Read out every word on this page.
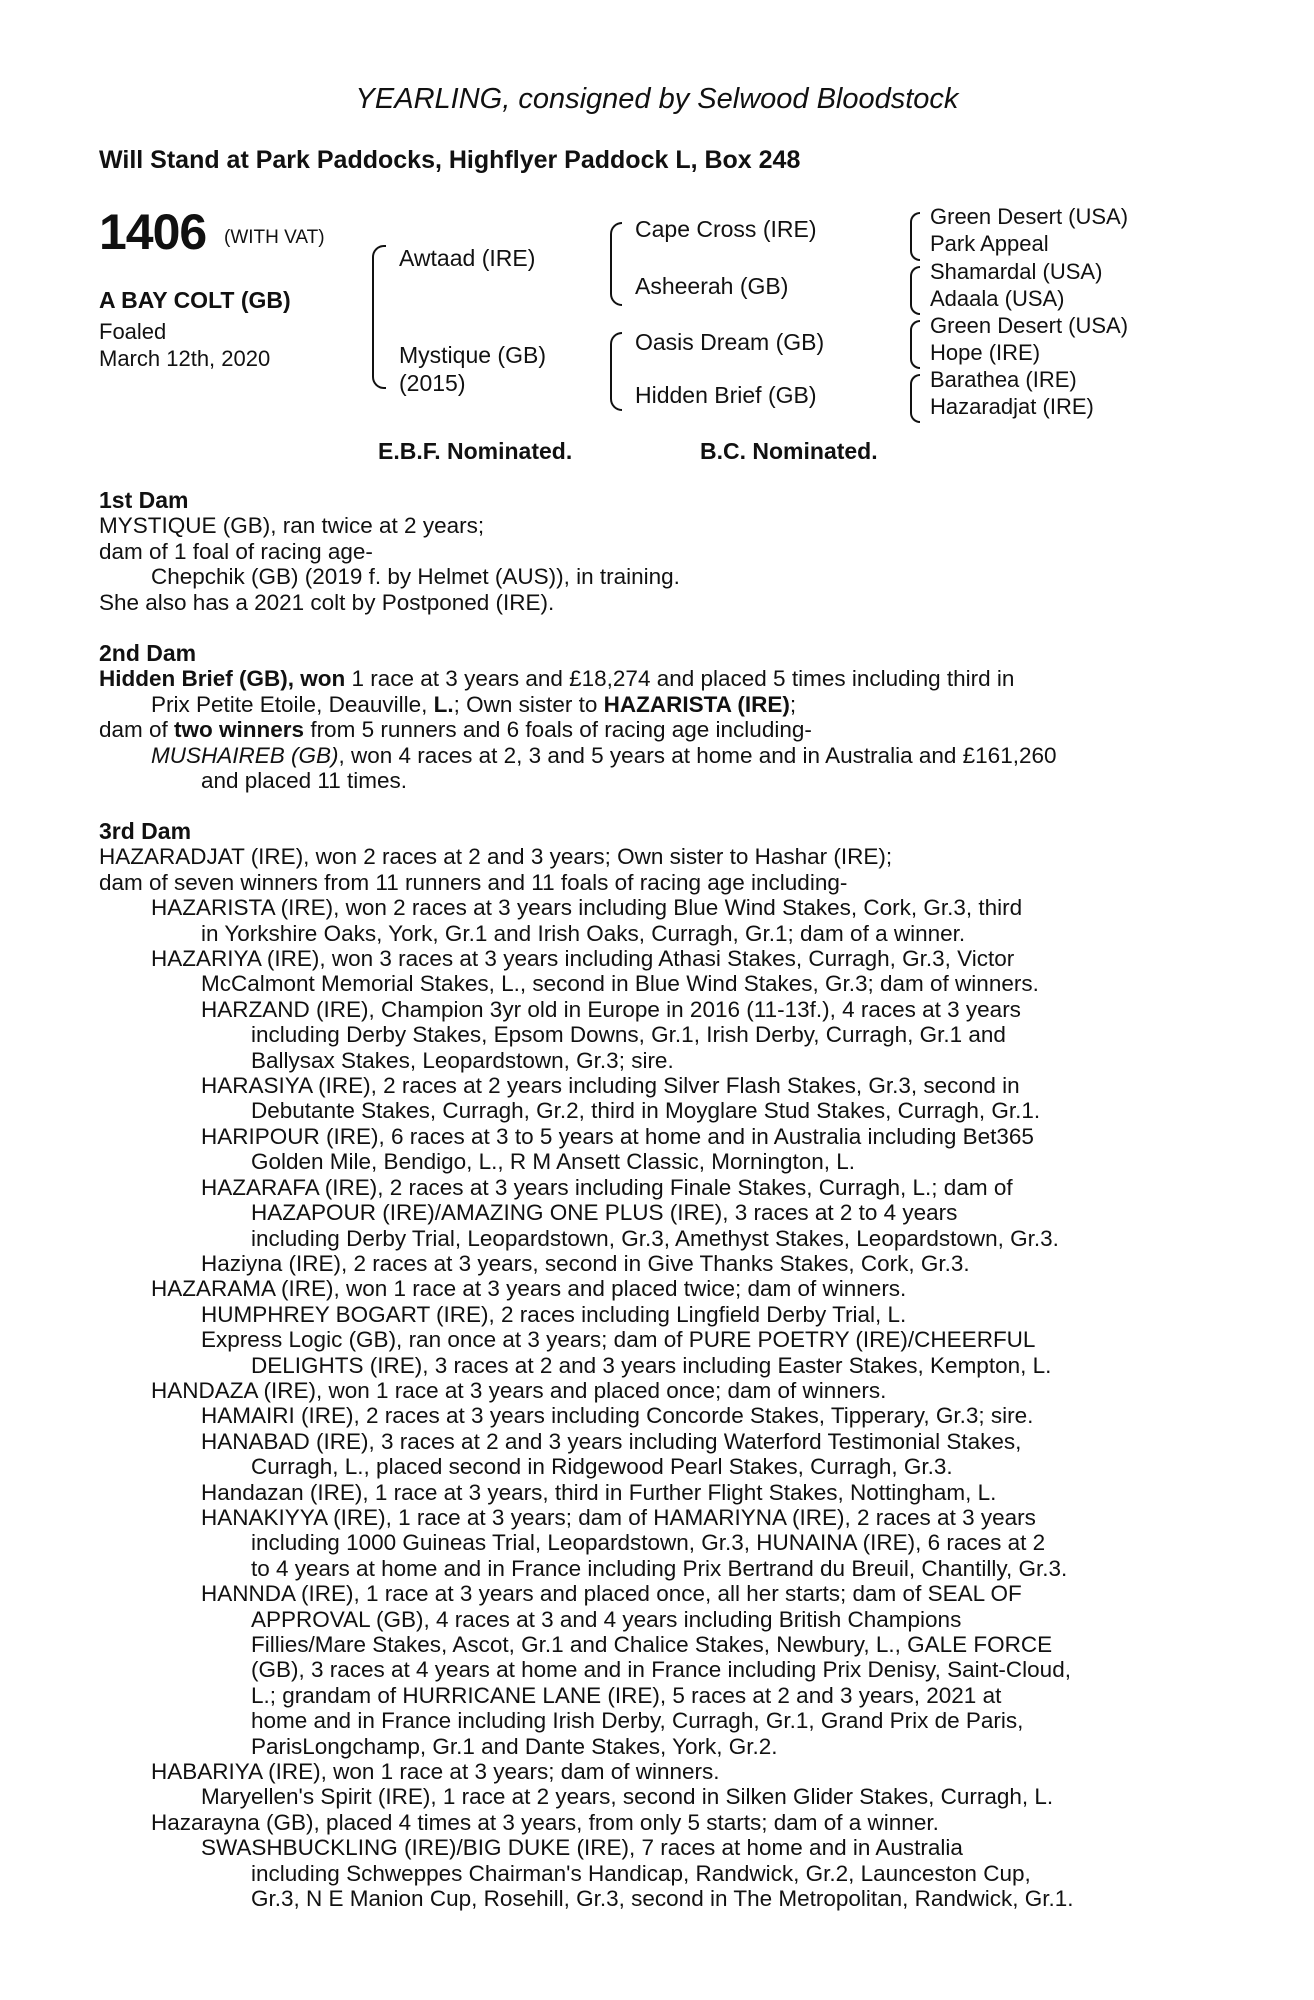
YEARLING, consigned by Selwood Bloodstock
Will Stand at Park Paddocks, Highflyer Paddock L, Box 248
1406 (WITH VAT)
A BAY COLT (GB)
Foaled
March 12th, 2020
Awtaad (IRE)
Mystique (GB)
(2015)
Cape Cross (IRE)
Asheerah (GB)
Oasis Dream (GB)
Hidden Brief (GB)
Green Desert (USA)
Park Appeal
Shamardal (USA)
Adaala (USA)
Green Desert (USA)
Hope (IRE)
Barathea (IRE)
Hazaradjat (IRE)
E.B.F. Nominated.	B.C. Nominated.

1st Dam

MYSTIQUE (GB), ran twice at 2 years;

dam of 1 foal of racing age-

Chepchik (GB) (2019 f. by Helmet (AUS)), in training.

She also has a 2021 colt by Postponed (IRE).

2nd Dam

Hidden Brief (GB), won 1 race at 3 years and £18,274 and placed 5 times including third in

Prix Petite Etoile, Deauville, L.; Own sister to HAZARISTA (IRE);

dam of two winners from 5 runners and 6 foals of racing age including-

MUSHAIREB (GB), won 4 races at 2, 3 and 5 years at home and in Australia and £161,260

and placed 11 times.

3rd Dam

HAZARADJAT (IRE), won 2 races at 2 and 3 years; Own sister to Hashar (IRE);

dam of seven winners from 11 runners and 11 foals of racing age including-

HAZARISTA (IRE), won 2 races at 3 years including Blue Wind Stakes, Cork, Gr.3, third

in Yorkshire Oaks, York, Gr.1 and Irish Oaks, Curragh, Gr.1; dam of a winner.

HAZARIYA (IRE), won 3 races at 3 years including Athasi Stakes, Curragh, Gr.3, Victor

McCalmont Memorial Stakes, L., second in Blue Wind Stakes, Gr.3; dam of winners.

HARZAND (IRE), Champion 3yr old in Europe in 2016 (11-13f.), 4 races at 3 years

including Derby Stakes, Epsom Downs, Gr.1, Irish Derby, Curragh, Gr.1 and

Ballysax Stakes, Leopardstown, Gr.3; sire.

HARASIYA (IRE), 2 races at 2 years including Silver Flash Stakes, Gr.3, second in

Debutante Stakes, Curragh, Gr.2, third in Moyglare Stud Stakes, Curragh, Gr.1.

HARIPOUR (IRE), 6 races at 3 to 5 years at home and in Australia including Bet365

Golden Mile, Bendigo, L., R M Ansett Classic, Mornington, L.

HAZARAFA (IRE), 2 races at 3 years including Finale Stakes, Curragh, L.; dam of

HAZAPOUR (IRE)/AMAZING ONE PLUS (IRE), 3 races at 2 to 4 years

including Derby Trial, Leopardstown, Gr.3, Amethyst Stakes, Leopardstown, Gr.3.

Haziyna (IRE), 2 races at 3 years, second in Give Thanks Stakes, Cork, Gr.3.

HAZARAMA (IRE), won 1 race at 3 years and placed twice; dam of winners.

HUMPHREY BOGART (IRE), 2 races including Lingfield Derby Trial, L.

Express Logic (GB), ran once at 3 years; dam of PURE POETRY (IRE)/CHEERFUL

DELIGHTS (IRE), 3 races at 2 and 3 years including Easter Stakes, Kempton, L.

HANDAZA (IRE), won 1 race at 3 years and placed once; dam of winners.

HAMAIRI (IRE), 2 races at 3 years including Concorde Stakes, Tipperary, Gr.3; sire.

HANABAD (IRE), 3 races at 2 and 3 years including Waterford Testimonial Stakes,

Curragh, L., placed second in Ridgewood Pearl Stakes, Curragh, Gr.3.

Handazan (IRE), 1 race at 3 years, third in Further Flight Stakes, Nottingham, L.

HANAKIYYA (IRE), 1 race at 3 years; dam of HAMARIYNA (IRE), 2 races at 3 years

including 1000 Guineas Trial, Leopardstown, Gr.3, HUNAINA (IRE), 6 races at 2

to 4 years at home and in France including Prix Bertrand du Breuil, Chantilly, Gr.3.

HANNDA (IRE), 1 race at 3 years and placed once, all her starts; dam of SEAL OF

APPROVAL (GB), 4 races at 3 and 4 years including British Champions

Fillies/Mare Stakes, Ascot, Gr.1 and Chalice Stakes, Newbury, L., GALE FORCE

(GB), 3 races at 4 years at home and in France including Prix Denisy, Saint-Cloud,

L.; grandam of HURRICANE LANE (IRE), 5 races at 2 and 3 years, 2021 at

home and in France including Irish Derby, Curragh, Gr.1, Grand Prix de Paris,

ParisLongchamp, Gr.1 and Dante Stakes, York, Gr.2.

HABARIYA (IRE), won 1 race at 3 years; dam of winners.

Maryellen's Spirit (IRE), 1 race at 2 years, second in Silken Glider Stakes, Curragh, L.

Hazarayna (GB), placed 4 times at 3 years, from only 5 starts; dam of a winner.

SWASHBUCKLING (IRE)/BIG DUKE (IRE), 7 races at home and in Australia

including Schweppes Chairman's Handicap, Randwick, Gr.2, Launceston Cup,

Gr.3, N E Manion Cup, Rosehill, Gr.3, second in The Metropolitan, Randwick, Gr.1.
